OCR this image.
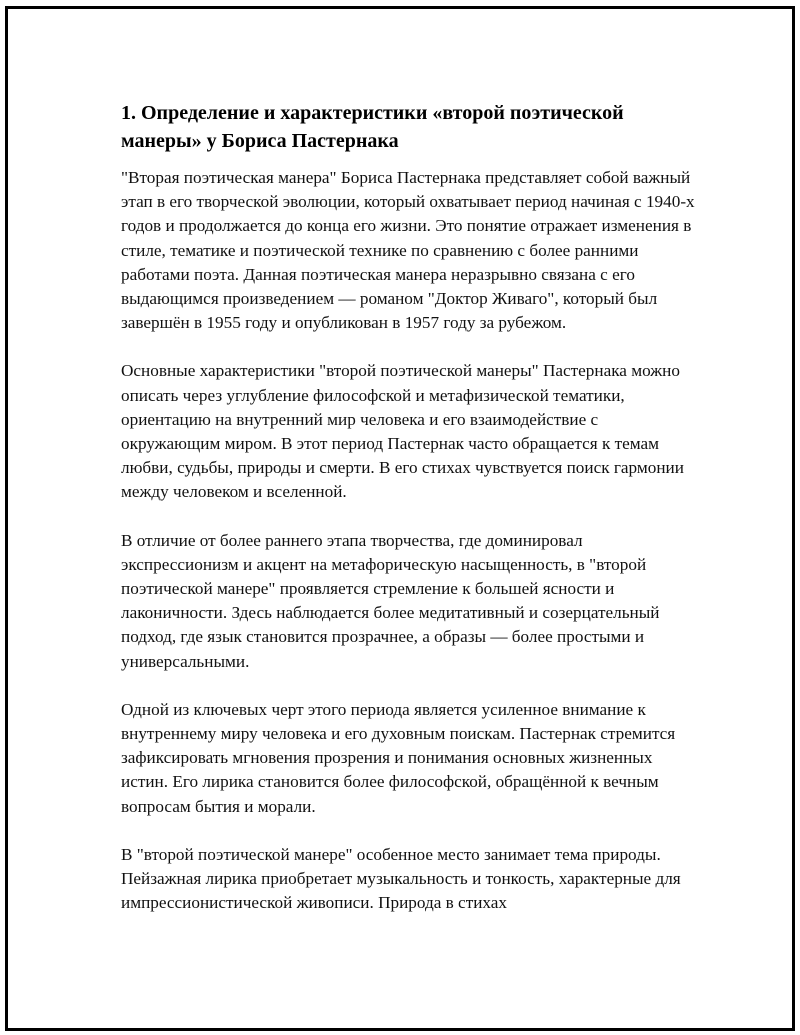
1. Определение и характеристики «второй поэтической манеры» у Бориса Пастернака

"Вторая поэтическая манера" Бориса Пастернака представляет собой важный этап в его творческой эволюции, который охватывает период начиная с 1940-х годов и продолжается до конца его жизни. Это понятие отражает изменения в стиле, тематике и поэтической технике по сравнению с более ранними работами поэта. Данная поэтическая манера неразрывно связана с его выдающимся произведением — романом "Доктор Живаго", который был завершён в 1955 году и опубликован в 1957 году за рубежом.

Основные характеристики "второй поэтической манеры" Пастернака можно описать через углубление философской и метафизической тематики, ориентацию на внутренний мир человека и его взаимодействие с окружающим миром. В этот период Пастернак часто обращается к темам любви, судьбы, природы и смерти. В его стихах чувствуется поиск гармонии между человеком и вселенной.

В отличие от более раннего этапа творчества, где доминировал экспрессионизм и акцент на метафорическую насыщенность, в "второй поэтической манере" проявляется стремление к большей ясности и лаконичности. Здесь наблюдается более медитативный и созерцательный подход, где язык становится прозрачнее, а образы — более простыми и универсальными.

Одной из ключевых черт этого периода является усиленное внимание к внутреннему миру человека и его духовным поискам. Пастернак стремится зафиксировать мгновения прозрения и понимания основных жизненных истин. Его лирика становится более философской, обращённой к вечным вопросам бытия и морали.

В "второй поэтической манере" особенное место занимает тема природы. Пейзажная лирика приобретает музыкальность и тонкость, характерные для импрессионистической живописи. Природа в стихах
